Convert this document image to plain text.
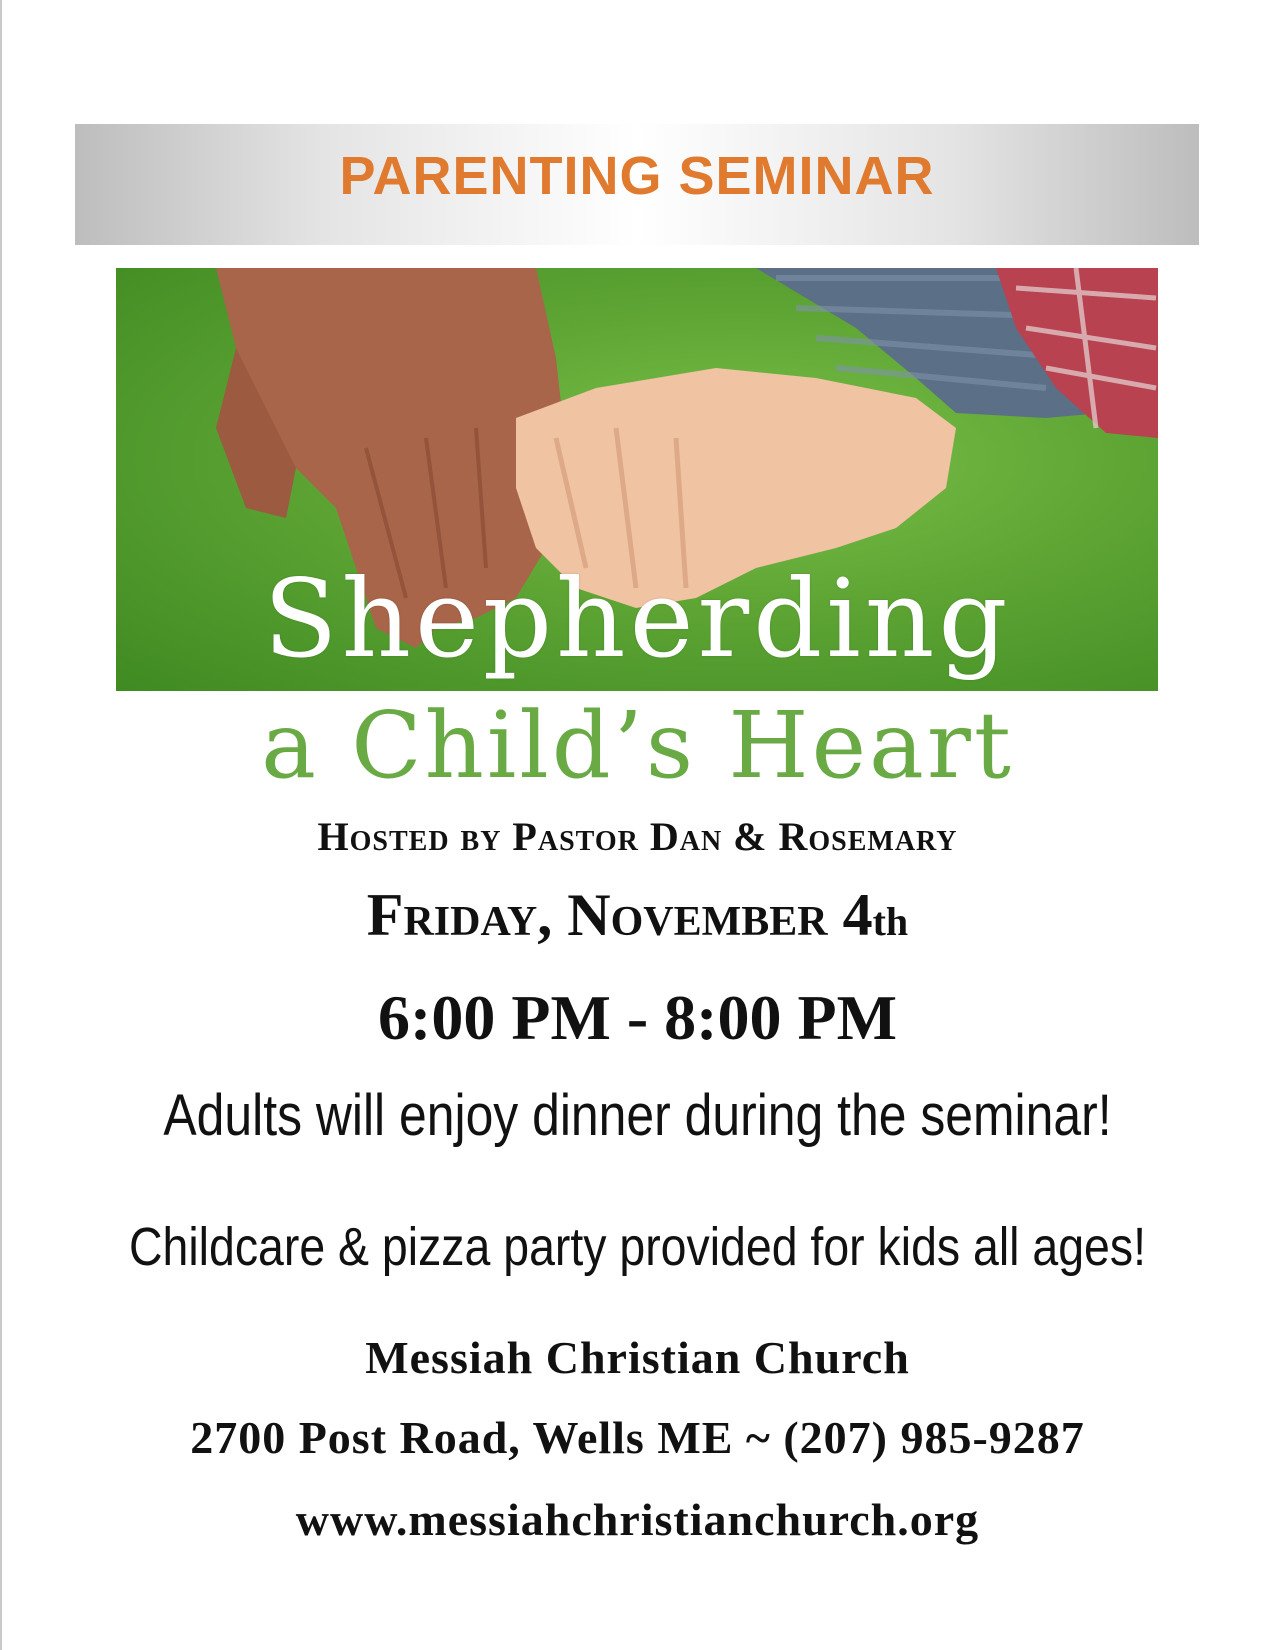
PARENTING SEMINAR
Shepherding
a Child’s Heart
Hosted by Pastor Dan & Rosemary
Friday, November 4th
6:00 PM - 8:00 PM
Adults will enjoy dinner during the seminar!
Childcare & pizza party provided for kids all ages!
Messiah Christian Church
2700 Post Road, Wells ME ~ (207) 985-9287
www.messiahchristianchurch.org
